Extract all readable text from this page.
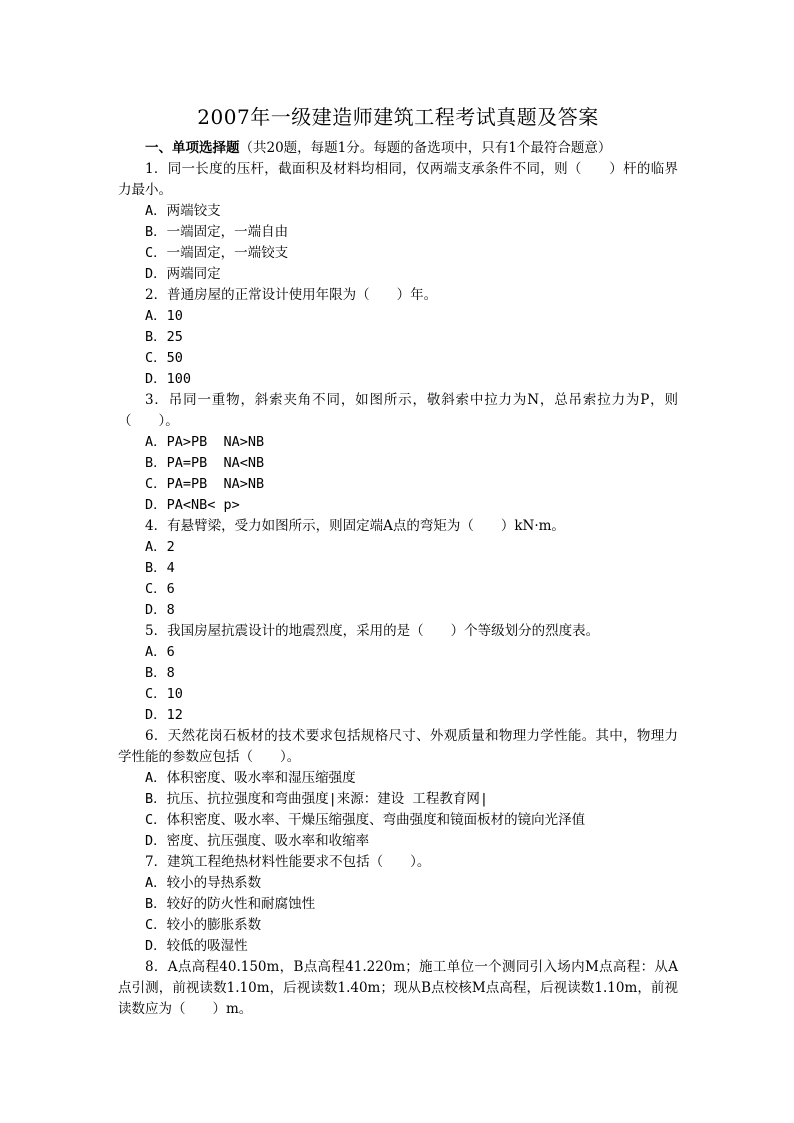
2007年一级建造师建筑工程考试真题及答案
一、单项选择题（共20题，每题1分。每题的备选项中，只有1个最符合题意）
1．同一长度的压杆，截面积及材料均相同，仅两端支承条件不同，则（　　）杆的临界力最小。
A．两端铰支
B．一端固定，一端自由
C．一端固定，一端铰支
D．两端同定
2．普通房屋的正常设计使用年限为（　　）年。
A．10
B．25
C．50
D．100
3．吊同一重物，斜索夹角不同，如图所示，敬斜索中拉力为N，总吊索拉力为P，则（　　）。
A．PA>PB  NA>NB
B．PA=PB  NA<NB
C．PA=PB  NA>NB
D．PA<NB< p>
4．有悬臂梁，受力如图所示，则固定端A点的弯矩为（　　）kN·m。
A．2
B．4
C．6
D．8
5．我国房屋抗震设计的地震烈度，采用的是（　　）个等级划分的烈度表。
A．6
B．8
C．10
D．12
6．天然花岗石板材的技术要求包括规格尺寸、外观质量和物理力学性能。其中，物理力学性能的参数应包括（　　）。
A．体积密度、吸水率和湿压缩强度
B．抗压、抗拉强度和弯曲强度|来源：建设 工程教育网|
C．体积密度、吸水率、干燥压缩强度、弯曲强度和镜面板材的镜向光泽值
D．密度、抗压强度、吸水率和收缩率
7．建筑工程绝热材料性能要求不包括（　　）。
A．较小的导热系数
B．较好的防火性和耐腐蚀性
C．较小的膨胀系数
D．较低的吸湿性
8．A点高程40.150m，B点高程41.220m；施工单位一个测同引入场内M点高程：从A点引测，前视读数1.10m，后视读数1.40m；现从B点校核M点高程，后视读数1.10m，前视读数应为（　　）m。
